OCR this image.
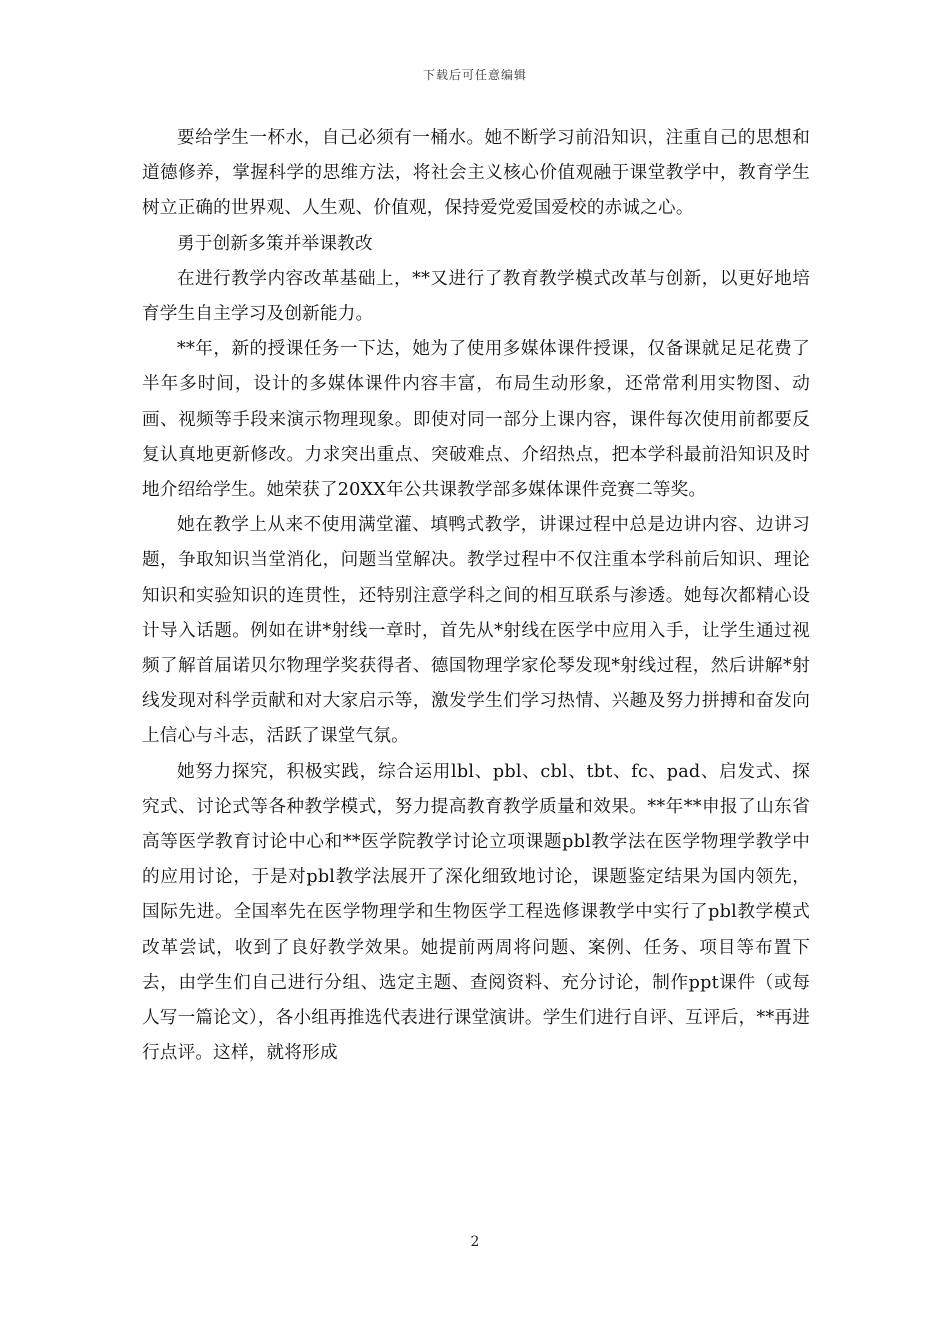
下载后可任意编辑

要给学生一杯水，自己必须有一桶水。她不断学习前沿知识，注重自己的思想和道德修养，掌握科学的思维方法，将社会主义核心价值观融于课堂教学中，教育学生树立正确的世界观、人生观、价值观，保持爱党爱国爱校的赤诚之心。

勇于创新多策并举课教改

在进行教学内容改革基础上，**又进行了教育教学模式改革与创新，以更好地培育学生自主学习及创新能力。

**年，新的授课任务一下达，她为了使用多媒体课件授课，仅备课就足足花费了半年多时间，设计的多媒体课件内容丰富，布局生动形象，还常常利用实物图、动画、视频等手段来演示物理现象。即使对同一部分上课内容，课件每次使用前都要反复认真地更新修改。力求突出重点、突破难点、介绍热点，把本学科最前沿知识及时地介绍给学生。她荣获了20XX年公共课教学部多媒体课件竞赛二等奖。

她在教学上从来不使用满堂灌、填鸭式教学，讲课过程中总是边讲内容、边讲习题，争取知识当堂消化，问题当堂解决。教学过程中不仅注重本学科前后知识、理论知识和实验知识的连贯性，还特别注意学科之间的相互联系与渗透。她每次都精心设计导入话题。例如在讲*射线一章时，首先从*射线在医学中应用入手，让学生通过视频了解首届诺贝尔物理学奖获得者、德国物理学家伦琴发现*射线过程，然后讲解*射线发现对科学贡献和对大家启示等，激发学生们学习热情、兴趣及努力拼搏和奋发向上信心与斗志，活跃了课堂气氛。

她努力探究，积极实践，综合运用lbl、pbl、cbl、tbt、fc、pad、启发式、探究式、讨论式等各种教学模式，努力提高教育教学质量和效果。**年**申报了山东省高等医学教育讨论中心和**医学院教学讨论立项课题pbl教学法在医学物理学教学中的应用讨论，于是对pbl教学法展开了深化细致地讨论，课题鉴定结果为国内领先，国际先进。全国率先在医学物理学和生物医学工程选修课教学中实行了pbl教学模式改革尝试，收到了良好教学效果。她提前两周将问题、案例、任务、项目等布置下去，由学生们自己进行分组、选定主题、查阅资料、充分讨论，制作ppt课件（或每人写一篇论文），各小组再推选代表进行课堂演讲。学生们进行自评、互评后，**再进行点评。这样，就将形成

2
